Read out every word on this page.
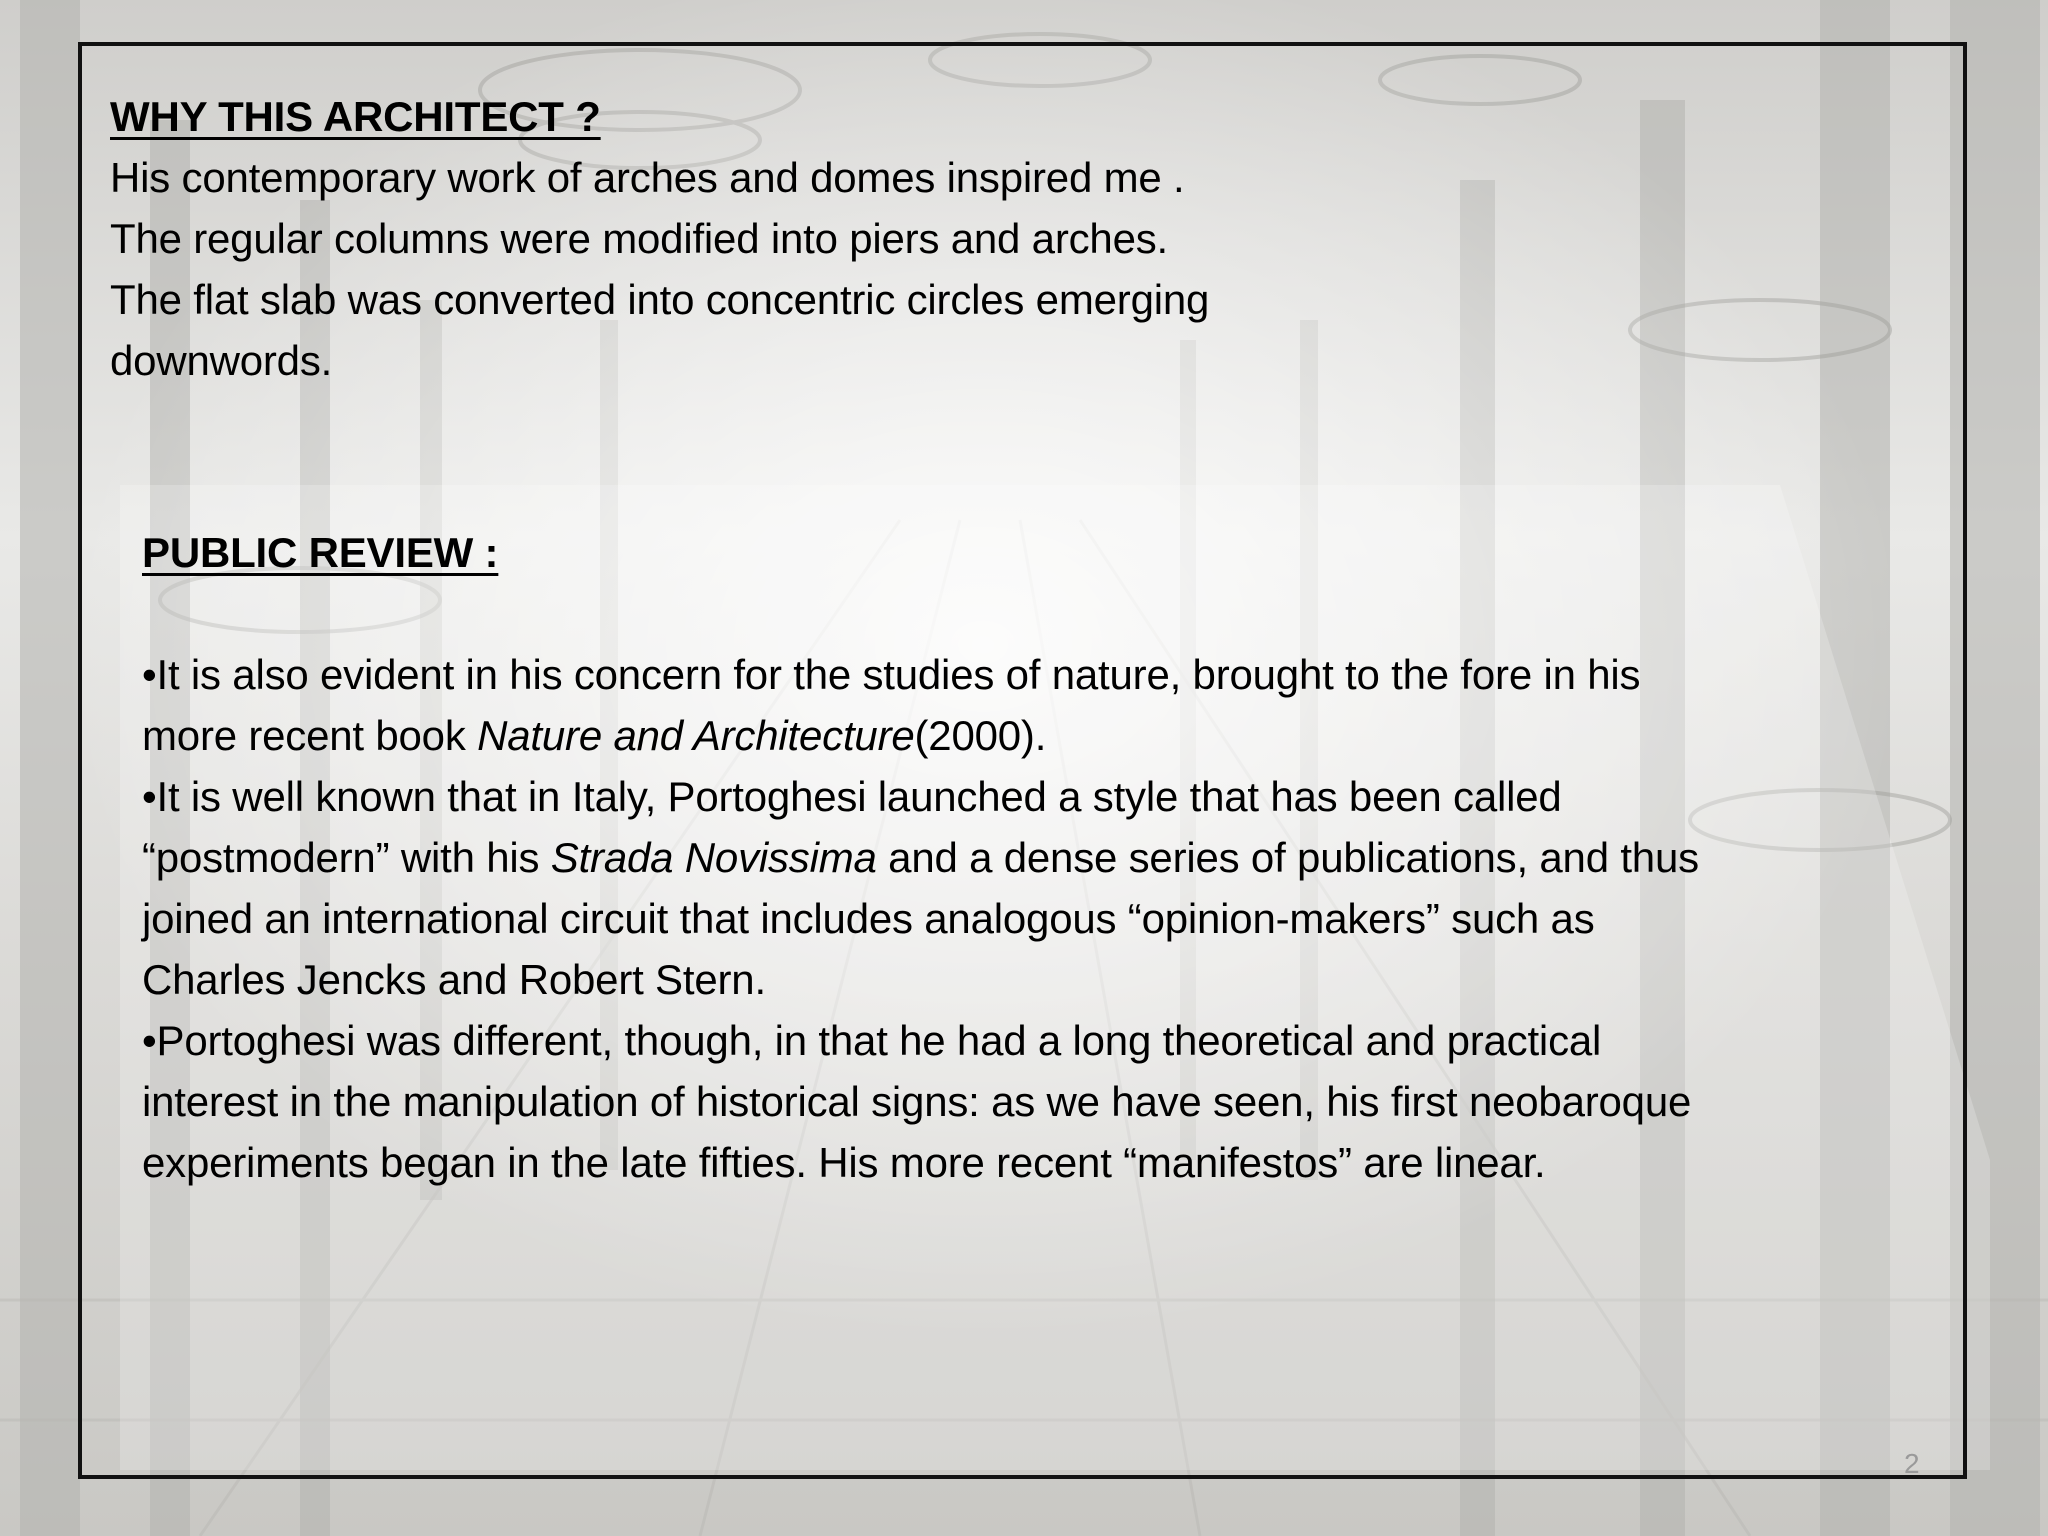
WHY THIS ARCHITECT ?
His contemporary work of arches and domes inspired me .
The regular columns were modified into piers and arches.
The flat slab was converted into concentric circles emerging
downwords.
PUBLIC REVIEW :
•It is also evident in his concern for the studies of nature, brought to the fore in his
more recent book Nature and Architecture(2000).
•It is well known that in Italy, Portoghesi launched a style that has been called
“postmodern” with his Strada Novissima and a dense series of publications, and thus
joined an international circuit that includes analogous “opinion-makers” such as
Charles Jencks and Robert Stern.
•Portoghesi was different, though, in that he had a long theoretical and practical
interest in the manipulation of historical signs: as we have seen, his first neobaroque
experiments began in the late fifties. His more recent “manifestos” are linear.
2
